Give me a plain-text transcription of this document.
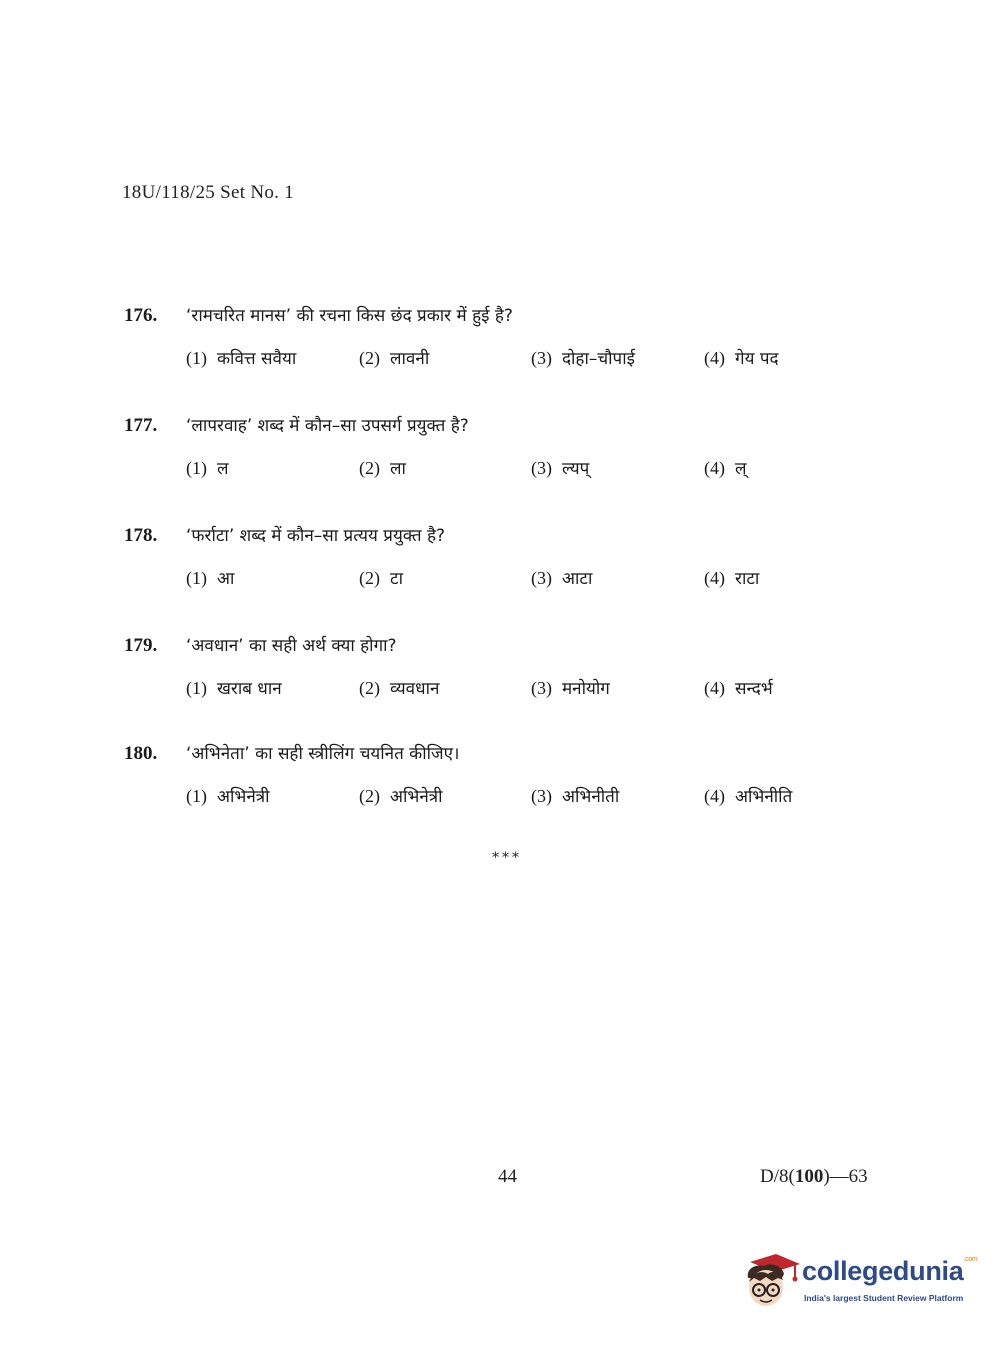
18U/118/25 Set No. 1
176.	‘रामचरित मानस’ की रचना किस छंद प्रकार में हुई है?
(1) कवित्त सवैया	(2) लावनी	(3) दोहा–चौपाई	(4) गेय पद
177.	‘लापरवाह’ शब्द में कौन–सा उपसर्ग प्रयुक्त है?
(1) ल	(2) ला	(3) ल्यप्	(4) ल्
178.	‘फर्राटा’ शब्द में कौन–सा प्रत्यय प्रयुक्त है?
(1) आ	(2) टा	(3) आटा	(4) राटा
179.	‘अवधान’ का सही अर्थ क्या होगा?
(1) खराब धान	(2) व्यवधान	(3) मनोयोग	(4) सन्दर्भ
180.	‘अभिनेता’ का सही स्त्रीलिंग चयनित कीजिए।
(1) अभिनेत्री	(2) अभिनेत्री	(3) अभिनीती	(4) अभिनीति
***
44	D/8(100)—63
collegedunia$^{.com}$
India's largest Student Review Platform
